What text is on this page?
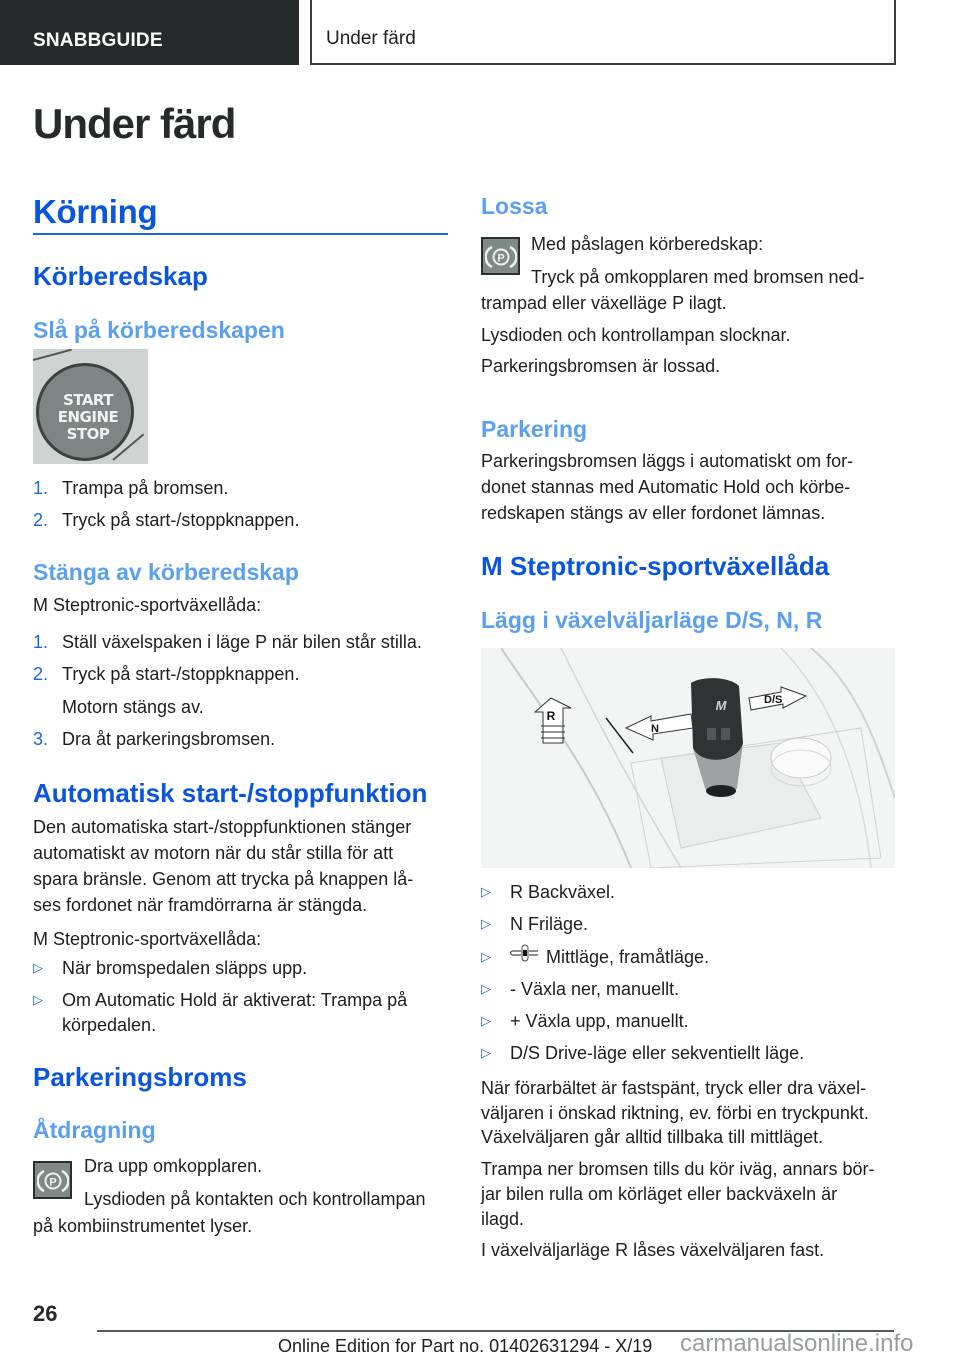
SNABBGUIDE	Under färd
Under färd
Körning
Körberedskap
Slå på körberedskapen
START
ENGINE
STOP
1. Trampa på bromsen.
2. Tryck på start-/stoppknappen.
Stänga av körberedskap
M Steptronic-sportväxellåda:
1. Ställ växelspaken i läge P när bilen står stilla.
2. Tryck på start-/stoppknappen.
Motorn stängs av.
3. Dra åt parkeringsbromsen.
Automatisk start-/stoppfunktion
Den automatiska start-/stoppfunktionen stänger
automatiskt av motorn när du står stilla för att
spara bränsle. Genom att trycka på knappen lå-
ses fordonet när framdörrarna är stängda.
M Steptronic-sportväxellåda:
▷ När bromspedalen släpps upp.
▷ Om Automatic Hold är aktiverat: Trampa på
körpedalen.
Parkeringsbroms
Åtdragning
P
Dra upp omkopplaren.
Lysdioden på kontakten och kontrollampan
på kombiinstrumentet lyser.
Lossa
P
Med påslagen körberedskap:
Tryck på omkopplaren med bromsen ned-
trampad eller växelläge P ilagt.
Lysdioden och kontrollampan slocknar.
Parkeringsbromsen är lossad.
Parkering
Parkeringsbromsen läggs i automatiskt om for-
donet stannas med Automatic Hold och körbe-
redskapen stängs av eller fordonet lämnas.
M Steptronic-sportväxellåda
Lägg i växelväljarläge D/S, N, R
R
N
D/S
M
▷ R Backväxel.
▷ N Friläge.
▷	Mittläge, framåtläge.
▷ - Växla ner, manuellt.
▷ + Växla upp, manuellt.
▷ D/S Drive-läge eller sekventiellt läge.
När förarbältet är fastspänt, tryck eller dra växel-
väljaren i önskad riktning, ev. förbi en tryckpunkt.
Växelväljaren går alltid tillbaka till mittläget.
Trampa ner bromsen tills du kör iväg, annars bör-
jar bilen rulla om körläget eller backväxeln är
ilagd.
I växelväljarläge R låses växelväljaren fast.
26
Online Edition for Part no. 01402631294 - X/19 carmanualsonline.info
